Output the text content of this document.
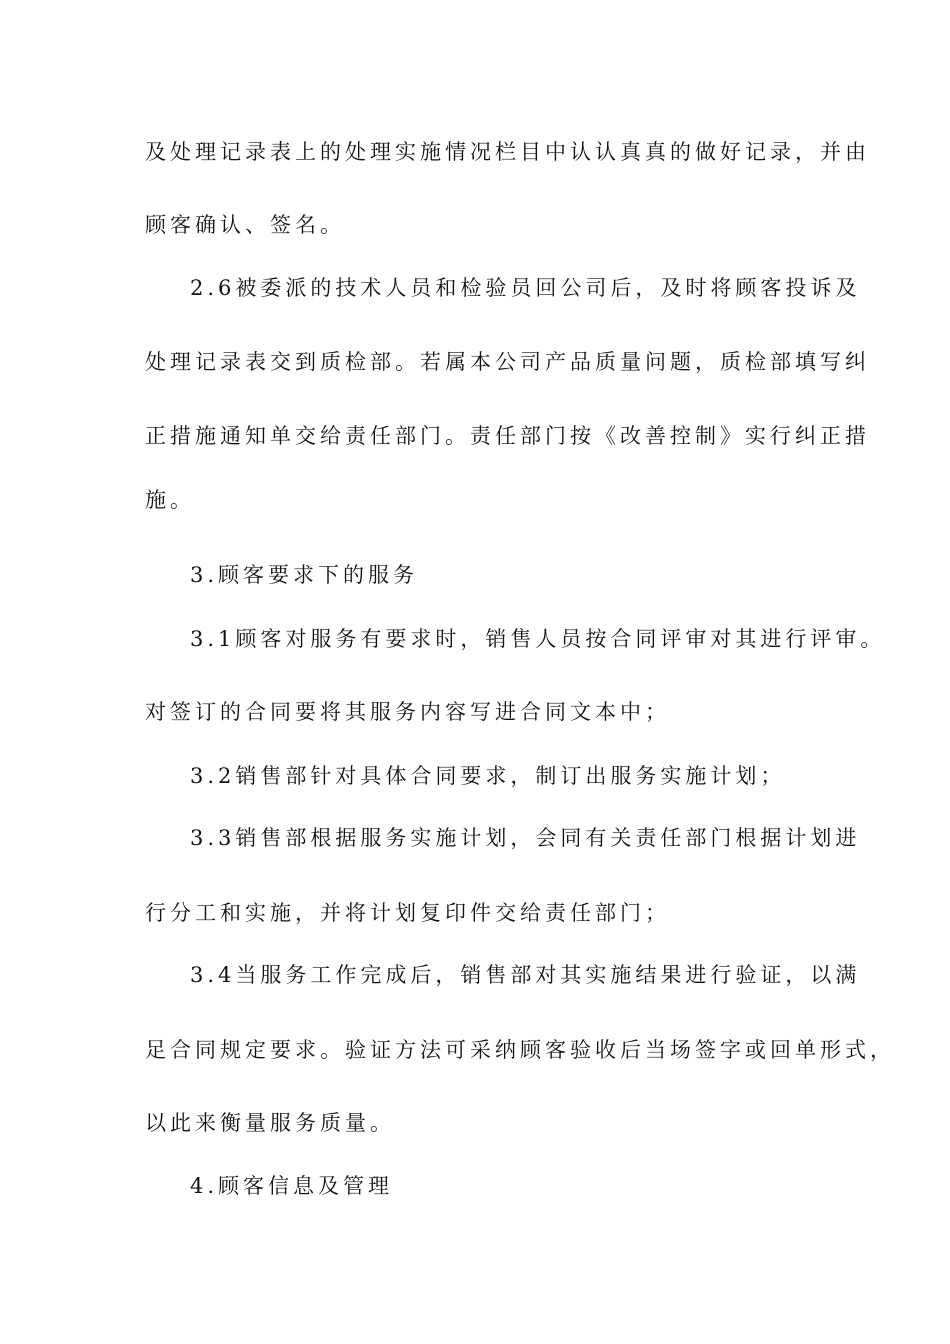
及处理记录表上的处理实施情况栏目中认认真真的做好记录，并由
顾客确认、签名。
2.6被委派的技术人员和检验员回公司后，及时将顾客投诉及
处理记录表交到质检部。若属本公司产品质量问题，质检部填写纠
正措施通知单交给责任部门。责任部门按《改善控制》实行纠正措
施。
3.顾客要求下的服务
3.1顾客对服务有要求时，销售人员按合同评审对其进行评审。
对签订的合同要将其服务内容写进合同文本中；
3.2销售部针对具体合同要求，制订出服务实施计划；
3.3销售部根据服务实施计划，会同有关责任部门根据计划进
行分工和实施，并将计划复印件交给责任部门；
3.4当服务工作完成后，销售部对其实施结果进行验证，以满
足合同规定要求。验证方法可采纳顾客验收后当场签字或回单形式，
以此来衡量服务质量。
4.顾客信息及管理
